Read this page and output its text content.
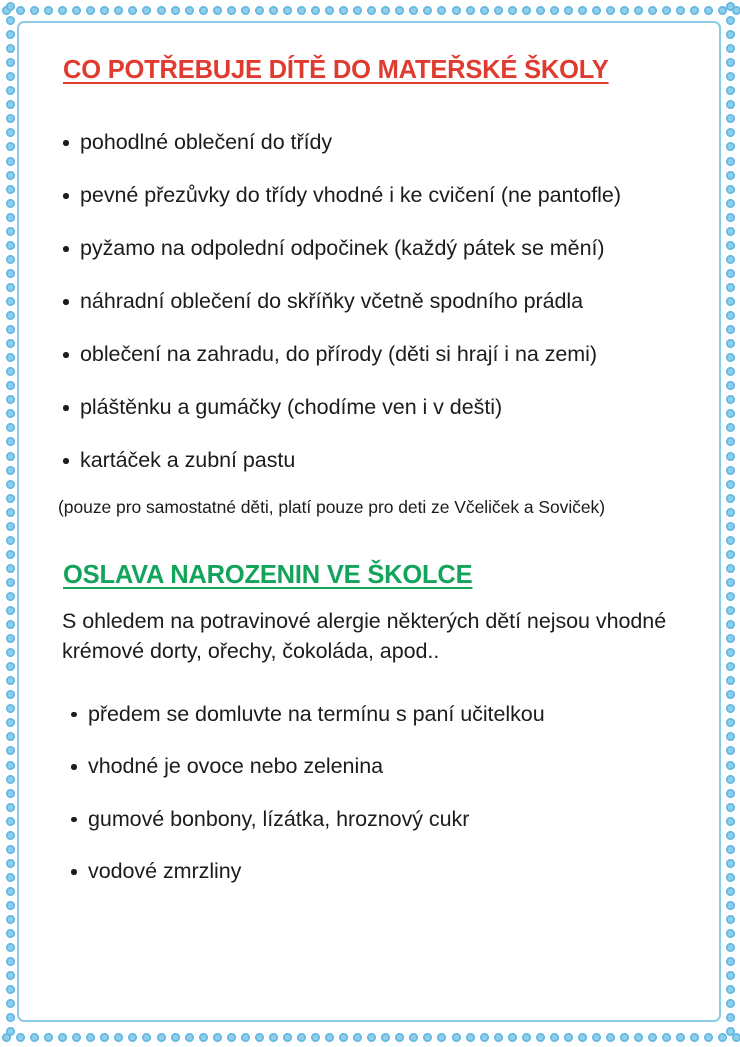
CO POTŘEBUJE DÍTĚ DO MATEŘSKÉ ŠKOLY
pohodlné oblečení do třídy
pevné přezůvky do třídy vhodné i ke cvičení (ne pantofle)
pyžamo na odpolední odpočinek (každý pátek se mění)
náhradní oblečení do skříňky včetně spodního prádla
oblečení na zahradu, do přírody (děti si hrají i na zemi)
pláštěnku a gumáčky (chodíme ven i v dešti)
kartáček a zubní pastu

(pouze pro samostatné děti, platí pouze pro deti ze Včeliček a Soviček)

OSLAVA NAROZENIN VE ŠKOLCE

S ohledem na potravinové alergie některých dětí nejsou vhodné krémové dorty, ořechy, čokoláda, apod..

předem se domluvte na termínu s paní učitelkou
vhodné je ovoce nebo zelenina
gumové bonbony, lízátka, hroznový cukr
vodové zmrzliny
